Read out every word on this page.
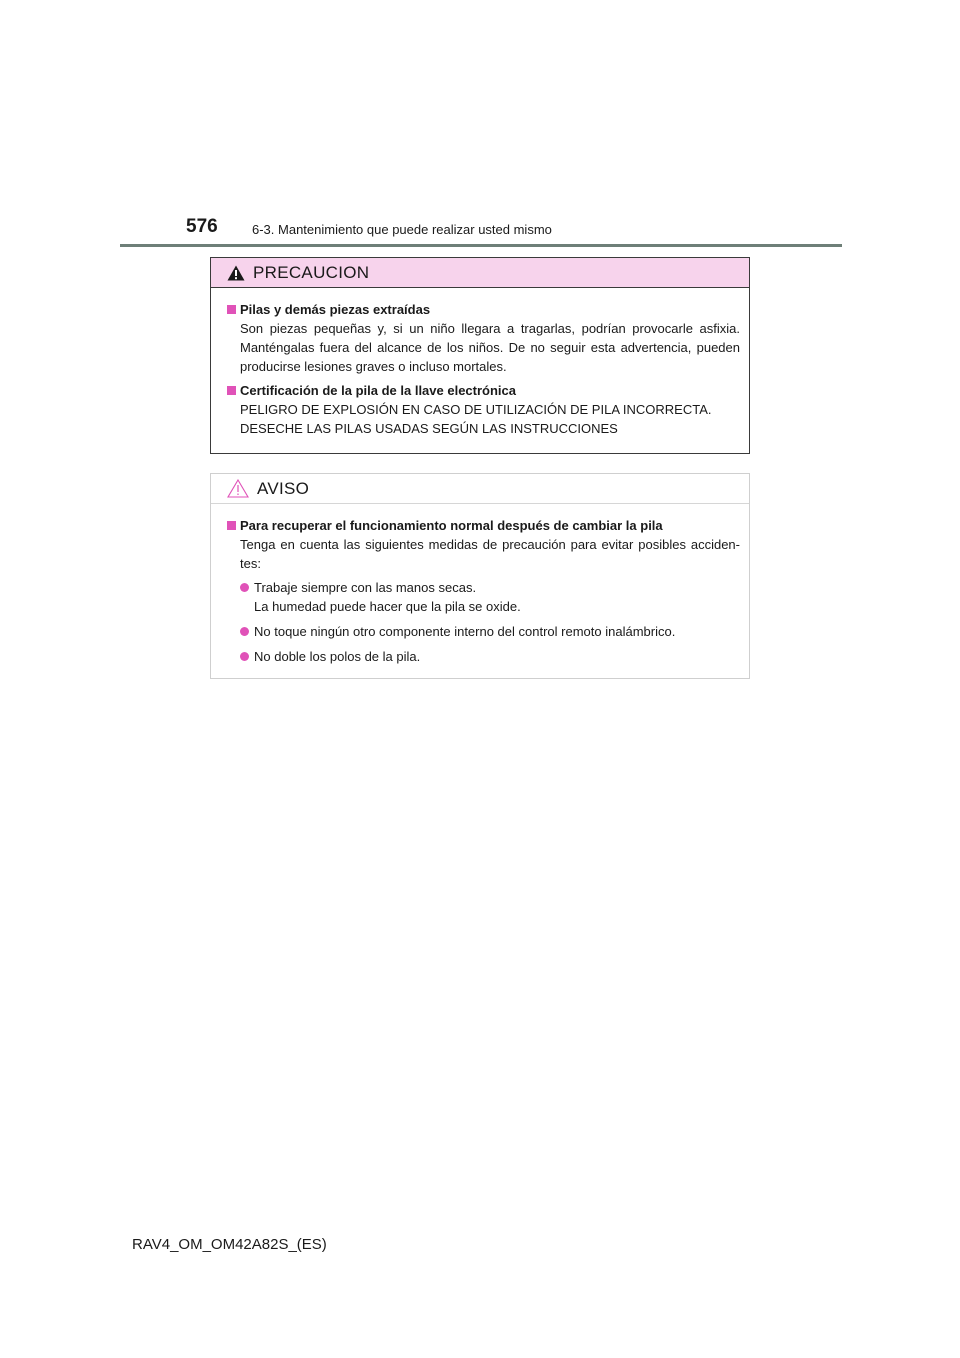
576	6-3. Mantenimiento que puede realizar usted mismo
PRECAUCION
Pilas y demás piezas extraídas

Son piezas pequeñas y, si un niño llegara a tragarlas, podrían provocarle asfixia. Manténgalas fuera del alcance de los niños. De no seguir esta advertencia, pueden producirse lesiones graves o incluso mortales.

Certificación de la pila de la llave electrónica

PELIGRO DE EXPLOSIÓN EN CASO DE UTILIZACIÓN DE PILA INCORRECTA.

DESECHE LAS PILAS USADAS SEGÚN LAS INSTRUCCIONES

AVISO
Para recuperar el funcionamiento normal después de cambiar la pila

Tenga en cuenta las siguientes medidas de precaución para evitar posibles acciden-tes:

Trabaje siempre con las manos secas.

La humedad puede hacer que la pila se oxide.

No toque ningún otro componente interno del control remoto inalámbrico.

No doble los polos de la pila.

RAV4_OM_OM42A82S_(ES)
